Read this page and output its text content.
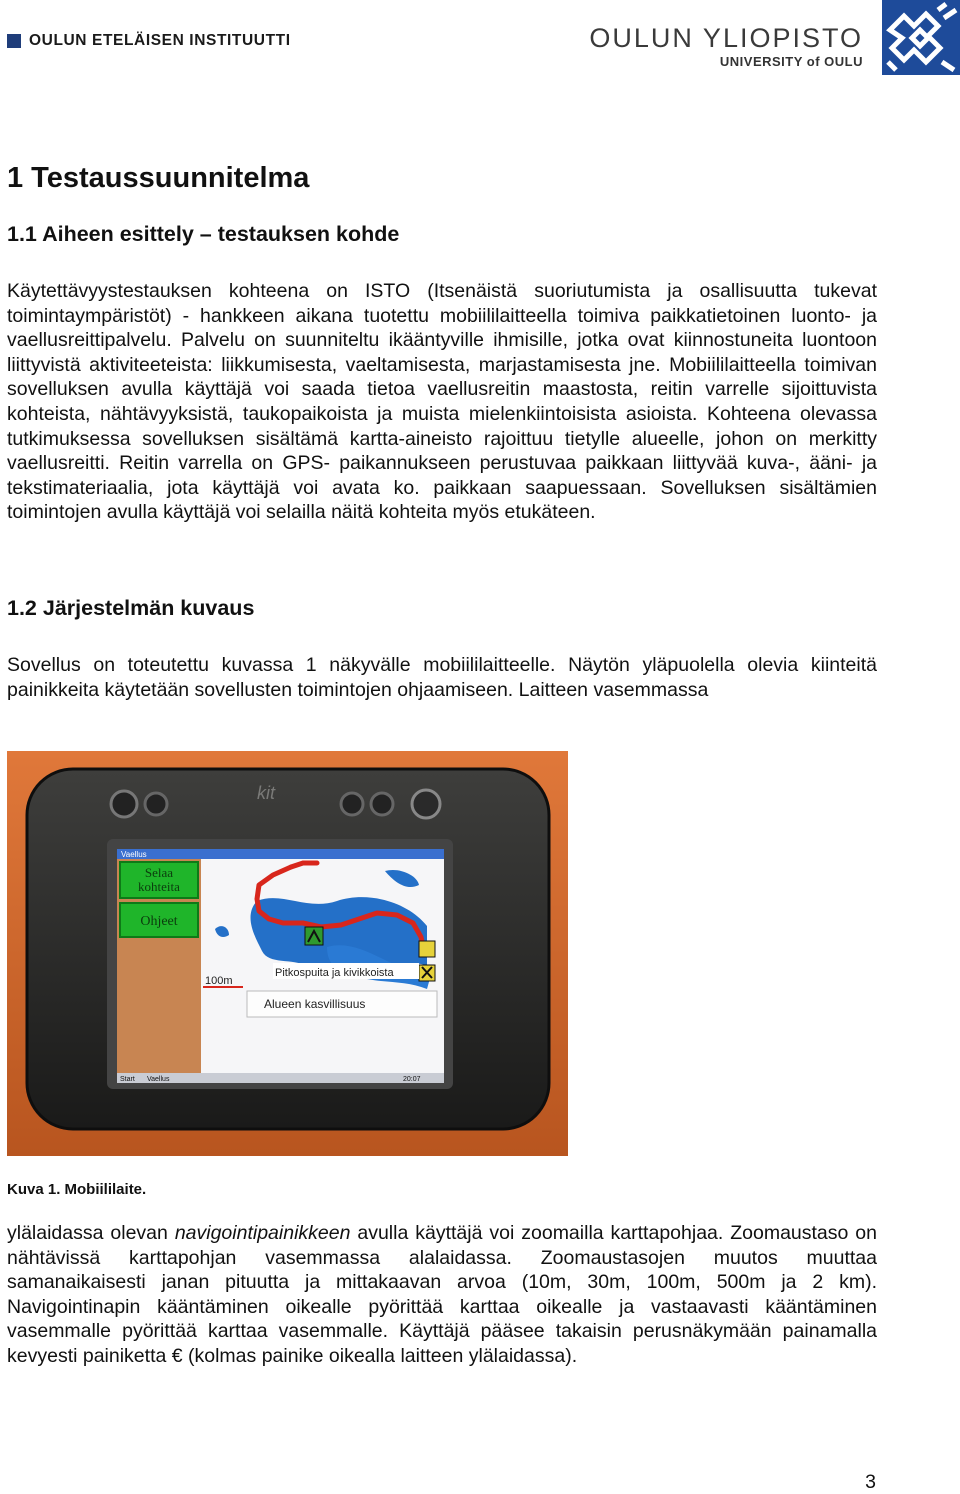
OULUN ETELÄISEN INSTITUUTTI	OULUN YLIOPISTO
UNIVERSITY of OULU
1 Testaussuunnitelma
1.1 Aiheen esittely – testauksen kohde
Käytettävyystestauksen kohteena on ISTO (Itsenäistä suoriutumista ja osallisuutta tukevat toimintaympäristöt) - hankkeen aikana tuotettu mobiililaitteella toimiva paikkatietoinen luonto- ja vaellusreittipalvelu. Palvelu on suunniteltu ikääntyville ihmisille, jotka ovat kiinnostuneita luontoon liittyvistä aktiviteeteista: liikkumisesta, vaeltamisesta, marjastamisesta jne. Mobiililaitteella toimivan sovelluksen avulla käyttäjä voi saada tietoa vaellusreitin maastosta, reitin varrelle sijoittuvista kohteista, nähtävyyksistä, taukopaikoista ja muista mielenkiintoisista asioista. Kohteena olevassa tutkimuksessa sovelluksen sisältämä kartta-aineisto rajoittuu tietylle alueelle, johon on merkitty vaellusreitti. Reitin varrella on GPS- paikannukseen perustuvaa paikkaan liittyvää kuva-, ääni- ja tekstimateriaalia, jota käyttäjä voi avata ko. paikkaan saapuessaan. Sovelluksen sisältämien toimintojen avulla käyttäjä voi selailla näitä kohteita myös etukäteen.
1.2 Järjestelmän kuvaus
Sovellus on toteutettu kuvassa 1 näkyvälle mobiililaitteelle. Näytön yläpuolella olevia kiinteitä painikkeita käytetään sovellusten toimintojen ohjaamiseen. Laitteen vasemmassa
kit
Vaellus
Selaa
kohteita
Ohjeet
Pitkospuita ja kivikkoista
100m
Alueen kasvillisuus
Start Vaellus	20:07
Kuva 1. Mobiililaite.
ylälaidassa olevan navigointipainikkeen avulla käyttäjä voi zoomailla karttapohjaa. Zoomaustaso on nähtävissä karttapohjan vasemmassa alalaidassa. Zoomaustasojen muutos muuttaa samanaikaisesti janan pituutta ja mittakaavan arvoa (10m, 30m, 100m, 500m ja 2 km). Navigointinapin kääntäminen oikealle pyörittää karttaa oikealle ja vastaavasti kääntäminen vasemmalle pyörittää karttaa vasemmalle. Käyttäjä pääsee takaisin perusnäkymään painamalla kevyesti painiketta € (kolmas painike oikealla laitteen ylälaidassa).
3
